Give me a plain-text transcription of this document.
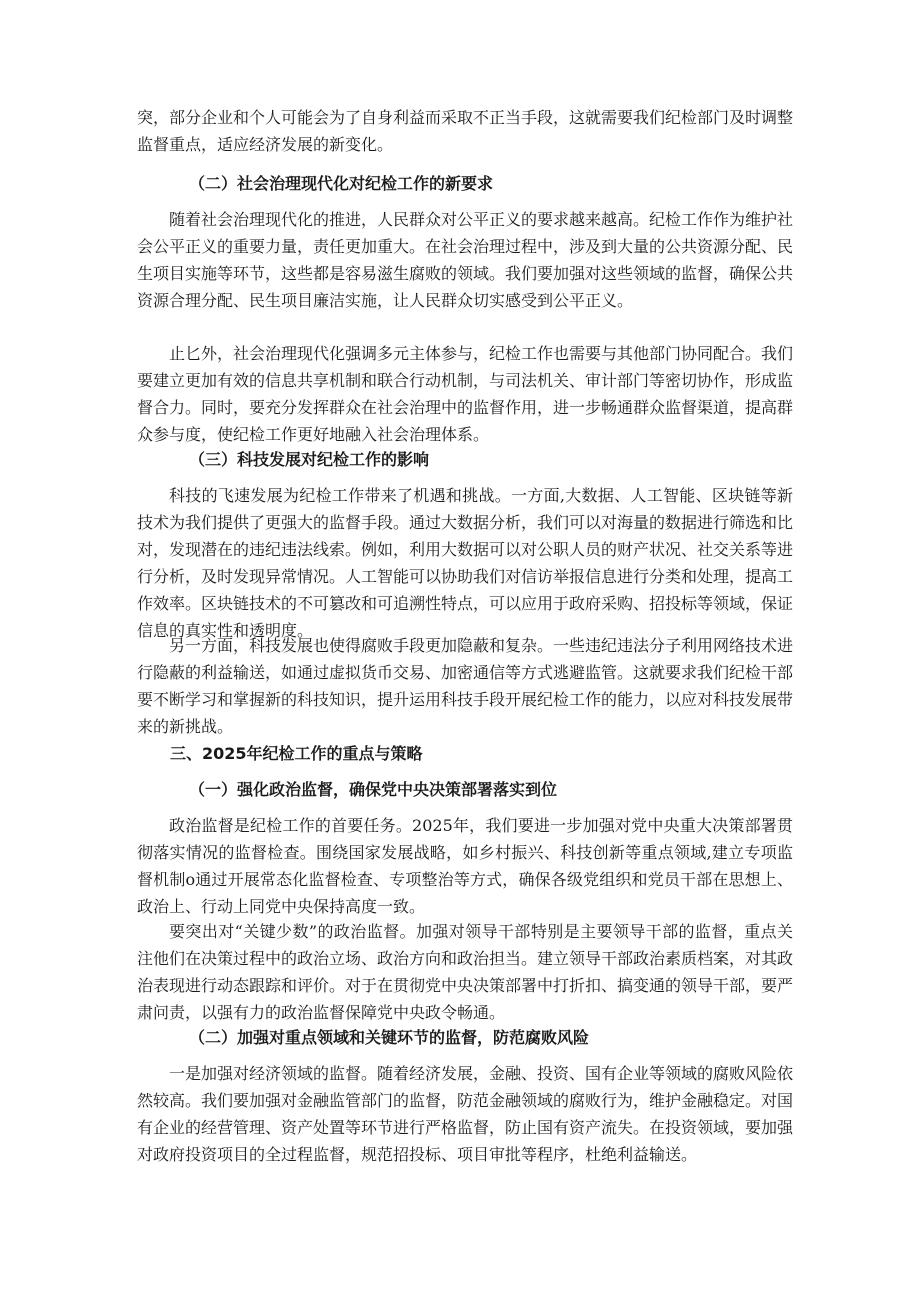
突，部分企业和个人可能会为了自身利益而采取不正当手段，这就需要我们纪检部门及时调整监督重点，适应经济发展的新变化。

（二）社会治理现代化对纪检工作的新要求

随着社会治理现代化的推进，人民群众对公平正义的要求越来越高。纪检工作作为维护社会公平正义的重要力量，责任更加重大。在社会治理过程中，涉及到大量的公共资源分配、民生项目实施等环节，这些都是容易滋生腐败的领域。我们要加强对这些领域的监督，确保公共资源合理分配、民生项目廉洁实施，让人民群众切实感受到公平正义。

止匕外，社会治理现代化强调多元主体参与，纪检工作也需要与其他部门协同配合。我们要建立更加有效的信息共享机制和联合行动机制，与司法机关、审计部门等密切协作，形成监督合力。同时，要充分发挥群众在社会治理中的监督作用，进一步畅通群众监督渠道，提高群众参与度，使纪检工作更好地融入社会治理体系。

（三）科技发展对纪检工作的影响

科技的飞速发展为纪检工作带来了机遇和挑战。一方面,大数据、人工智能、区块链等新技术为我们提供了更强大的监督手段。通过大数据分析，我们可以对海量的数据进行筛选和比对，发现潜在的违纪违法线索。例如，利用大数据可以对公职人员的财产状况、社交关系等进行分析，及时发现异常情况。人工智能可以协助我们对信访举报信息进行分类和处理，提高工作效率。区块链技术的不可篡改和可追溯性特点，可以应用于政府采购、招投标等领域，保证信息的真实性和透明度。

另一方面，科技发展也使得腐败手段更加隐蔽和复杂。一些违纪违法分子利用网络技术进行隐蔽的利益输送，如通过虚拟货币交易、加密通信等方式逃避监管。这就要求我们纪检干部要不断学习和掌握新的科技知识，提升运用科技手段开展纪检工作的能力，以应对科技发展带来的新挑战。

三、2025年纪检工作的重点与策略
（一）强化政治监督，确保党中央决策部署落实到位

政治监督是纪检工作的首要任务。2025年，我们要进一步加强对党中央重大决策部署贯彻落实情况的监督检查。围绕国家发展战略，如乡村振兴、科技创新等重点领域,建立专项监督机制o通过开展常态化监督检查、专项整治等方式，确保各级党组织和党员干部在思想上、政治上、行动上同党中央保持高度一致。

要突出对“关键少数”的政治监督。加强对领导干部特别是主要领导干部的监督，重点关注他们在决策过程中的政治立场、政治方向和政治担当。建立领导干部政治素质档案，对其政治表现进行动态跟踪和评价。对于在贯彻党中央决策部署中打折扣、搞变通的领导干部，要严肃问责，以强有力的政治监督保障党中央政令畅通。

（二）加强对重点领域和关键环节的监督，防范腐败风险

一是加强对经济领域的监督。随着经济发展，金融、投资、国有企业等领域的腐败风险依然较高。我们要加强对金融监管部门的监督，防范金融领域的腐败行为，维护金融稳定。对国有企业的经营管理、资产处置等环节进行严格监督，防止国有资产流失。在投资领域，要加强对政府投资项目的全过程监督，规范招投标、项目审批等程序，杜绝利益输送。
